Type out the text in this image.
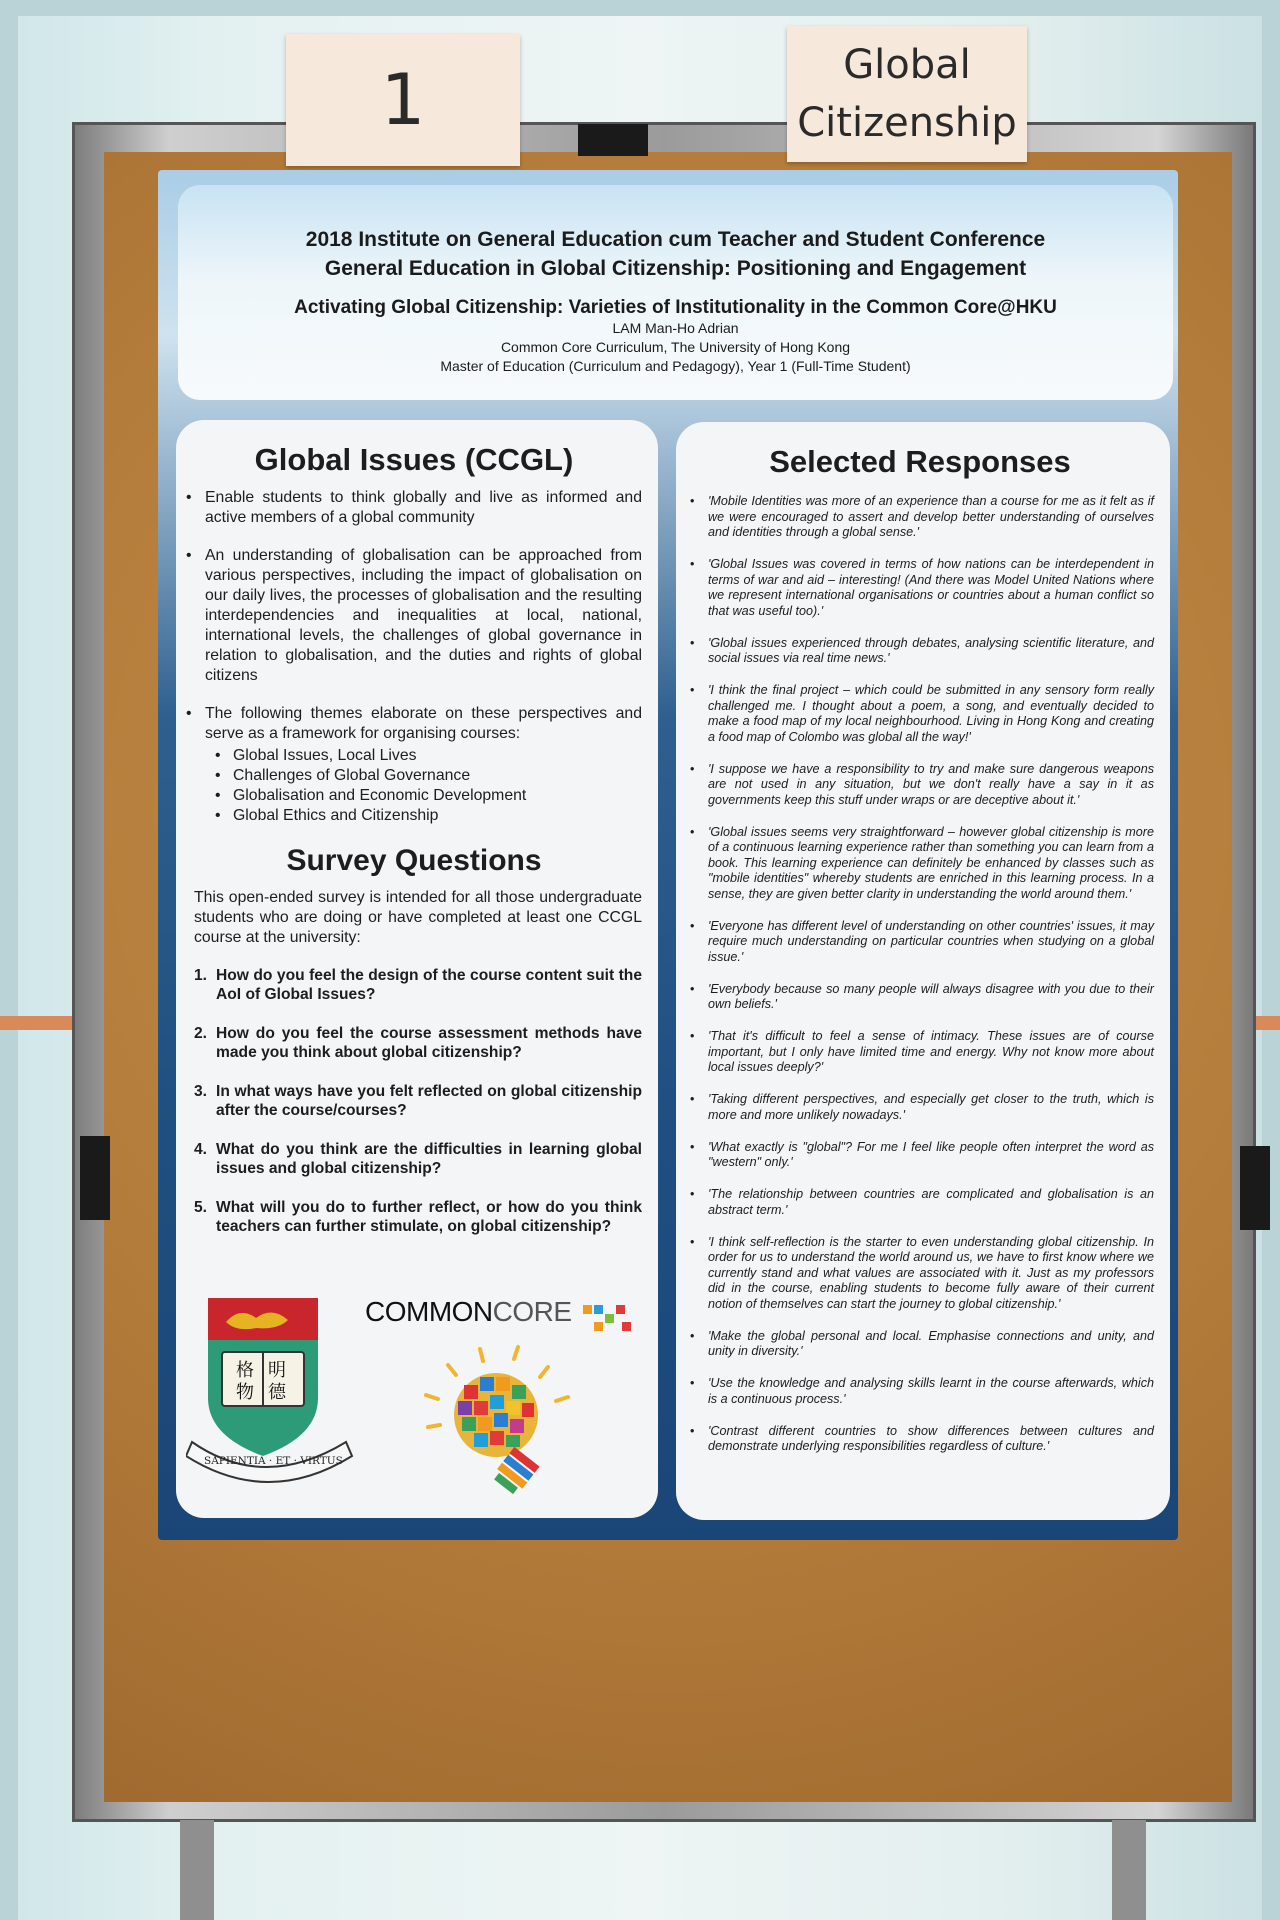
1	Global
Citizenship
2018 Institute on General Education cum Teacher and Student Conference
General Education in Global Citizenship: Positioning and Engagement
Activating Global Citizenship: Varieties of Institutionality in the Common Core@HKU
LAM Man-Ho Adrian
Common Core Curriculum, The University of Hong Kong
Master of Education (Curriculum and Pedagogy), Year 1 (Full-Time Student)
Global Issues (CCGL)
• Enable students to think globally and live as informed and active members of a global community
• An understanding of globalisation can be approached from various perspectives, including the impact of globalisation on our daily lives, the processes of globalisation and the resulting interdependencies and inequalities at local, national, international levels, the challenges of global governance in relation to globalisation, and the duties and rights of global citizens
• The following themes elaborate on these perspectives and serve as a framework for organising courses:
• Global Issues, Local Lives
• Challenges of Global Governance
• Globalisation and Economic Development
• Global Ethics and Citizenship
Survey Questions

This open-ended survey is intended for all those undergraduate students who are doing or have completed at least one CCGL course at the university:

1. How do you feel the design of the course content suit the AoI of Global Issues?
2. How do you feel the course assessment methods have made you think about global citizenship?
3. In what ways have you felt reflected on global citizenship after the course/courses?
4. What do you think are the difficulties in learning global issues and global citizenship?
5. What will you do to further reflect, or how do you think teachers can further stimulate, on global citizenship?
格 明
物 德
SAPIENTIA · ET · VIRTUS
COMMONCORE
Selected Responses
• 'Mobile Identities was more of an experience than a course for me as it felt as if we were encouraged to assert and develop better understanding of ourselves and identities through a global sense.'
• 'Global Issues was covered in terms of how nations can be interdependent in terms of war and aid – interesting! (And there was Model United Nations where we represent international organisations or countries about a human conflict so that was useful too).'
• 'Global issues experienced through debates, analysing scientific literature, and social issues via real time news.'
• 'I think the final project – which could be submitted in any sensory form really challenged me. I thought about a poem, a song, and eventually decided to make a food map of my local neighbourhood. Living in Hong Kong and creating a food map of Colombo was global all the way!'
• 'I suppose we have a responsibility to try and make sure dangerous weapons are not used in any situation, but we don't really have a say in it as governments keep this stuff under wraps or are deceptive about it.'
• 'Global issues seems very straightforward – however global citizenship is more of a continuous learning experience rather than something you can learn from a book. This learning experience can definitely be enhanced by classes such as "mobile identities" whereby students are enriched in this learning process. In a sense, they are given better clarity in understanding the world around them.'
• 'Everyone has different level of understanding on other countries' issues, it may require much understanding on particular countries when studying on a global issue.'
• 'Everybody because so many people will always disagree with you due to their own beliefs.'
• 'That it's difficult to feel a sense of intimacy. These issues are of course important, but I only have limited time and energy. Why not know more about local issues deeply?'
• 'Taking different perspectives, and especially get closer to the truth, which is more and more unlikely nowadays.'
• 'What exactly is "global"? For me I feel like people often interpret the word as "western" only.'
• 'The relationship between countries are complicated and globalisation is an abstract term.'
• 'I think self-reflection is the starter to even understanding global citizenship. In order for us to understand the world around us, we have to first know where we currently stand and what values are associated with it. Just as my professors did in the course, enabling students to become fully aware of their current notion of themselves can start the journey to global citizenship.'
• 'Make the global personal and local. Emphasise connections and unity, and unity in diversity.'
• 'Use the knowledge and analysing skills learnt in the course afterwards, which is a continuous process.'
• 'Contrast different countries to show differences between cultures and demonstrate underlying responsibilities regardless of culture.'
